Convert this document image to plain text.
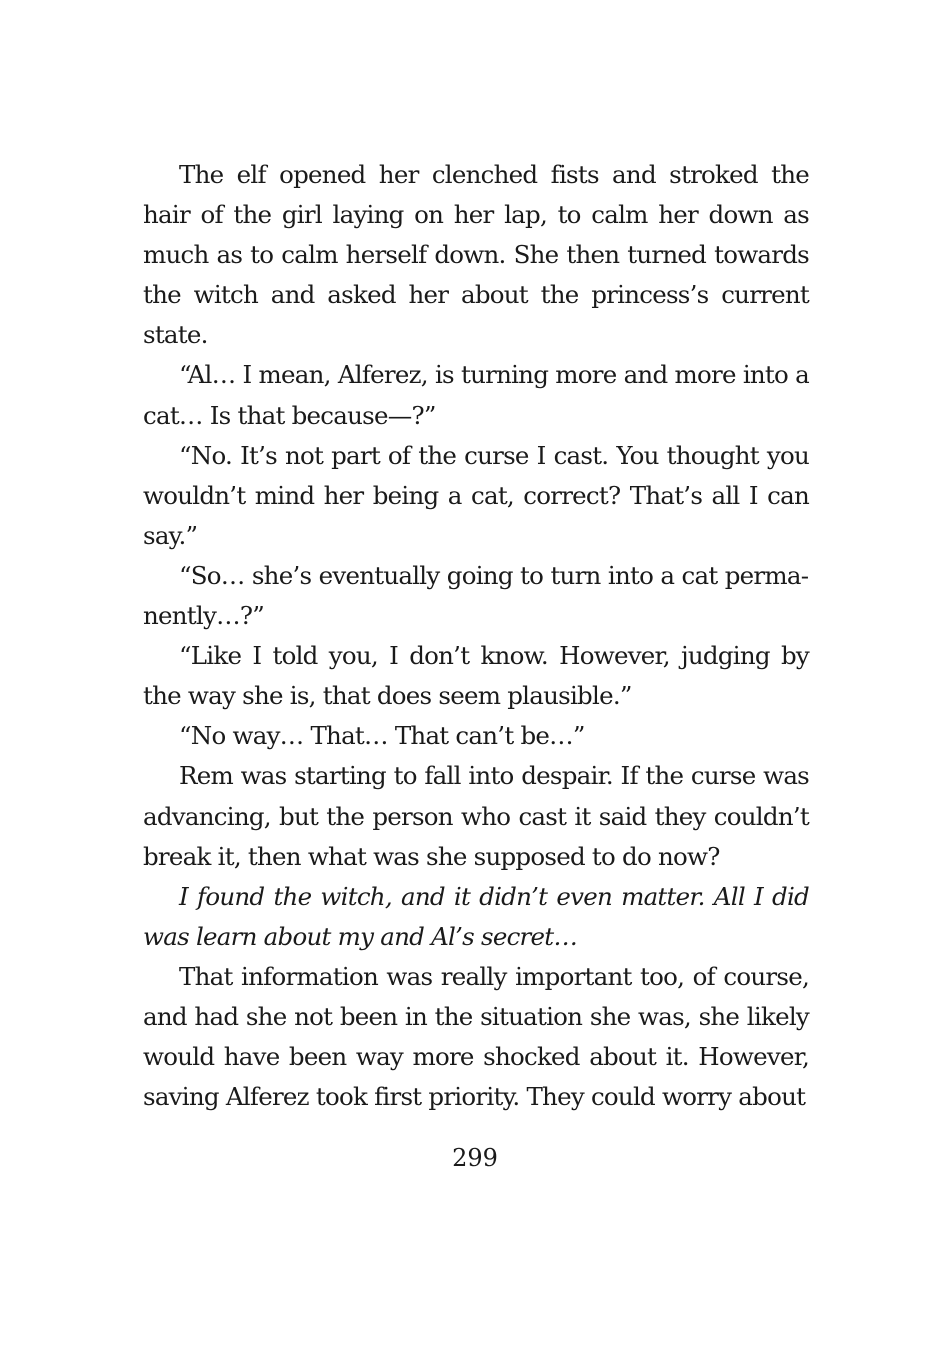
The elf opened her clenched fists and stroked the hair of the girl laying on her lap, to calm her down as much as to calm herself down. She then turned towards the witch and asked her about the princess’s current state.

“Al… I mean, Alferez, is turning more and more into a cat… Is that because—?”

“No. It’s not part of the curse I cast. You thought you wouldn’t mind her being a cat, correct? That’s all I can say.”

“So… she’s eventually going to turn into a cat permanently…?”

“Like I told you, I don’t know. However, judging by the way she is, that does seem plausible.”

“No way… That… That can’t be…”

Rem was starting to fall into despair. If the curse was advancing, but the person who cast it said they couldn’t break it, then what was she supposed to do now?

I found the witch, and it didn’t even matter. All I did was learn about my and Al’s secret…

That information was really important too, of course, and had she not been in the situation she was, she likely would have been way more shocked about it. However, saving Alferez took first priority. They could worry about

299
